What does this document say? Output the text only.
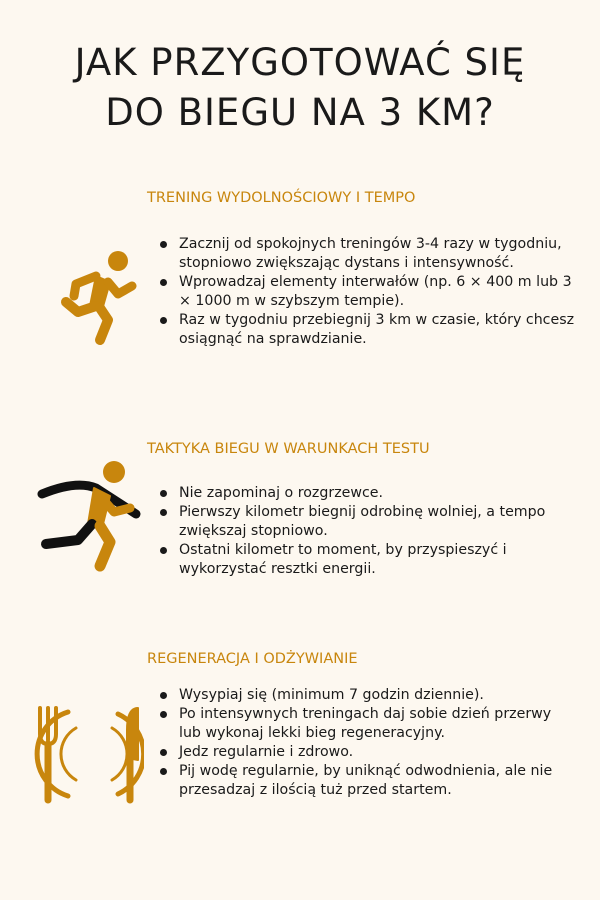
JAK PRZYGOTOWAĆ SIĘ
DO BIEGU NA 3 KM?
TRENING WYDOLNOŚCIOWY I TEMPO
Zacznij od spokojnych treningów 3-4 razy w tygodniu, stopniowo zwiększając dystans i intensywność.
Wprowadzaj elementy interwałów (np. 6 × 400 m lub 3 × 1000 m w szybszym tempie).
Raz w tygodniu przebiegnij 3 km w czasie, który chcesz osiągnąć na sprawdzianie.
TAKTYKA BIEGU W WARUNKACH TESTU
Nie zapominaj o rozgrzewce.
Pierwszy kilometr biegnij odrobinę wolniej, a tempo zwiększaj stopniowo.
Ostatni kilometr to moment, by przyspieszyć i wykorzystać resztki energii.
REGENERACJA I ODŻYWIANIE
Wysypiaj się (minimum 7 godzin dziennie).
Po intensywnych treningach daj sobie dzień przerwy lub wykonaj lekki bieg regeneracyjny.
Jedz regularnie i zdrowo.
Pij wodę regularnie, by uniknąć odwodnienia, ale nie przesadzaj z ilością tuż przed startem.
